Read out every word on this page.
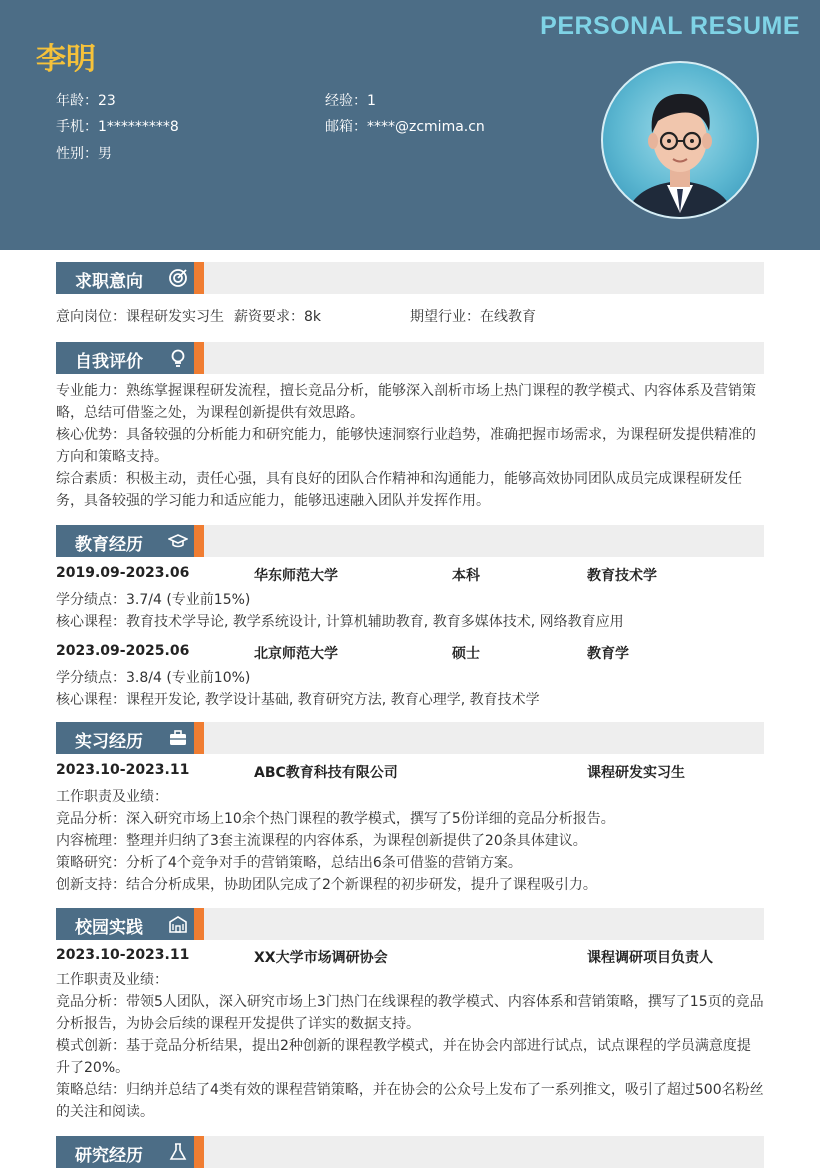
PERSONAL RESUME
李明
年龄：23	经验：1
手机：1*********8	邮箱：****@zcmima.cn
性别：男
求职意向
意向岗位：课程研发实习生 薪资要求：8k	期望行业：在线教育
自我评价
专业能力：熟练掌握课程研发流程，擅长竞品分析，能够深入剖析市场上热门课程的教学模式、内容体系及营销策略，总结可借鉴之处，为课程创新提供有效思路。
核心优势：具备较强的分析能力和研究能力，能够快速洞察行业趋势，准确把握市场需求，为课程研发提供精准的方向和策略支持。
综合素质：积极主动，责任心强，具有良好的团队合作精神和沟通能力，能够高效协同团队成员完成课程研发任务，具备较强的学习能力和适应能力，能够迅速融入团队并发挥作用。
教育经历
2019.09-2023.06	华东师范大学	本科	教育技术学
学分绩点：3.7/4 (专业前15%)
核心课程：教育技术学导论, 教学系统设计, 计算机辅助教育, 教育多媒体技术, 网络教育应用
2023.09-2025.06	北京师范大学	硕士	教育学
学分绩点：3.8/4 (专业前10%)
核心课程：课程开发论, 教学设计基础, 教育研究方法, 教育心理学, 教育技术学
实习经历
2023.10-2023.11	ABC教育科技有限公司	课程研发实习生
工作职责及业绩：
竞品分析：深入研究市场上10余个热门课程的教学模式，撰写了5份详细的竞品分析报告。
内容梳理：整理并归纳了3套主流课程的内容体系，为课程创新提供了20条具体建议。
策略研究：分析了4个竞争对手的营销策略，总结出6条可借鉴的营销方案。
创新支持：结合分析成果，协助团队完成了2个新课程的初步研发，提升了课程吸引力。
校园实践
2023.10-2023.11	XX大学市场调研协会	课程调研项目负责人
工作职责及业绩：
竞品分析：带领5人团队，深入研究市场上3门热门在线课程的教学模式、内容体系和营销策略，撰写了15页的竞品分析报告，为协会后续的课程开发提供了详实的数据支持。
模式创新：基于竞品分析结果，提出2种创新的课程教学模式，并在协会内部进行试点，试点课程的学员满意度提升了20%。
策略总结：归纳并总结了4类有效的课程营销策略，并在协会的公众号上发布了一系列推文，吸引了超过500名粉丝的关注和阅读。
研究经历
